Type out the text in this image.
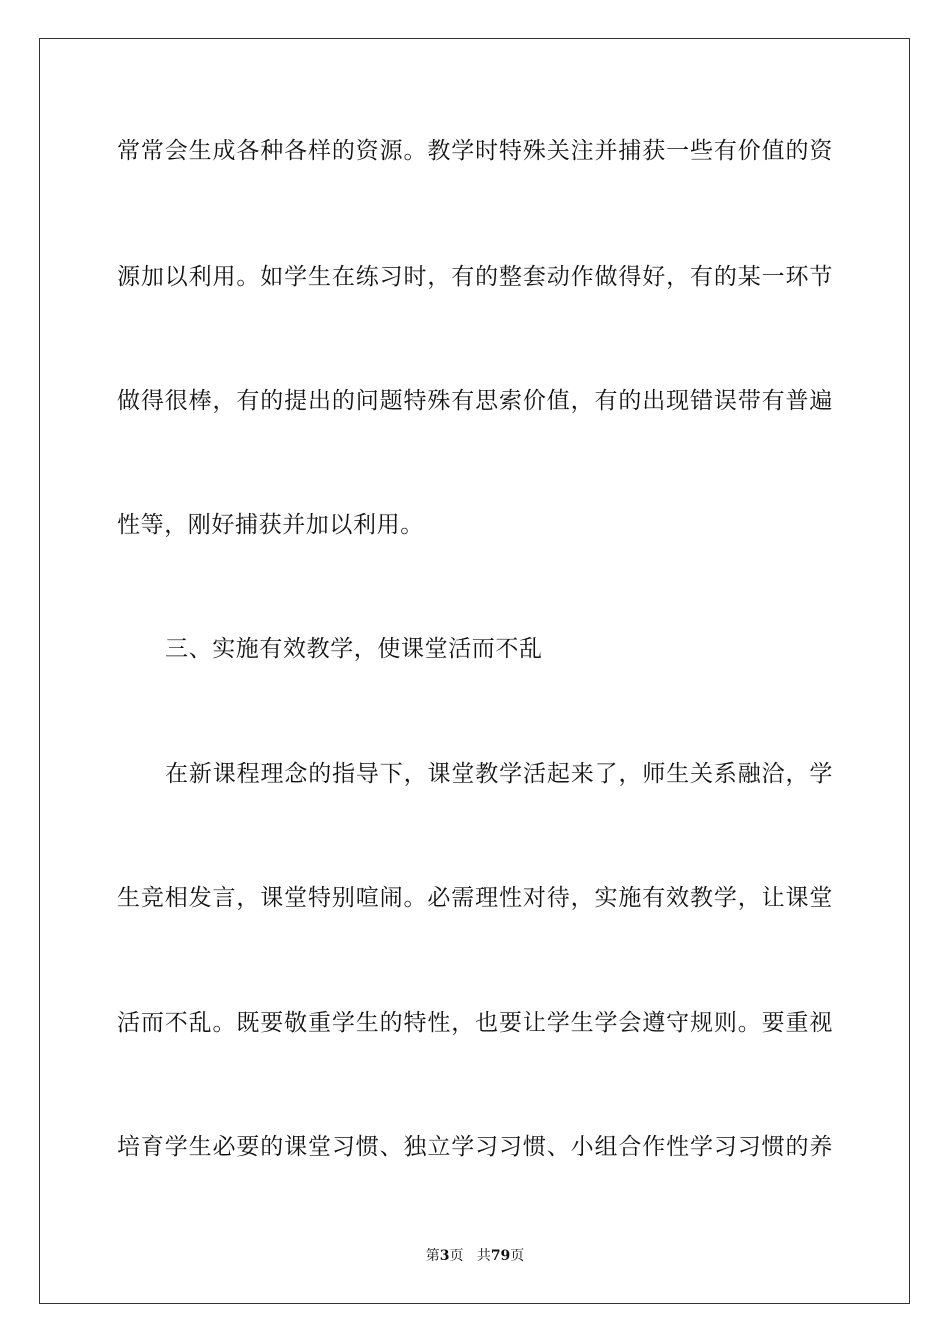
常常会生成各种各样的资源。教学时特殊关注并捕获一些有价值的资
源加以利用。如学生在练习时，有的整套动作做得好，有的某一环节
做得很棒，有的提出的问题特殊有思索价值，有的出现错误带有普遍
性等，刚好捕获并加以利用。
三、实施有效教学，使课堂活而不乱
在新课程理念的指导下，课堂教学活起来了，师生关系融洽，学
生竞相发言，课堂特别喧闹。必需理性对待，实施有效教学，让课堂
活而不乱。既要敬重学生的特性，也要让学生学会遵守规则。要重视
培育学生必要的课堂习惯、独立学习习惯、小组合作性学习习惯的养
第3页 共79页
